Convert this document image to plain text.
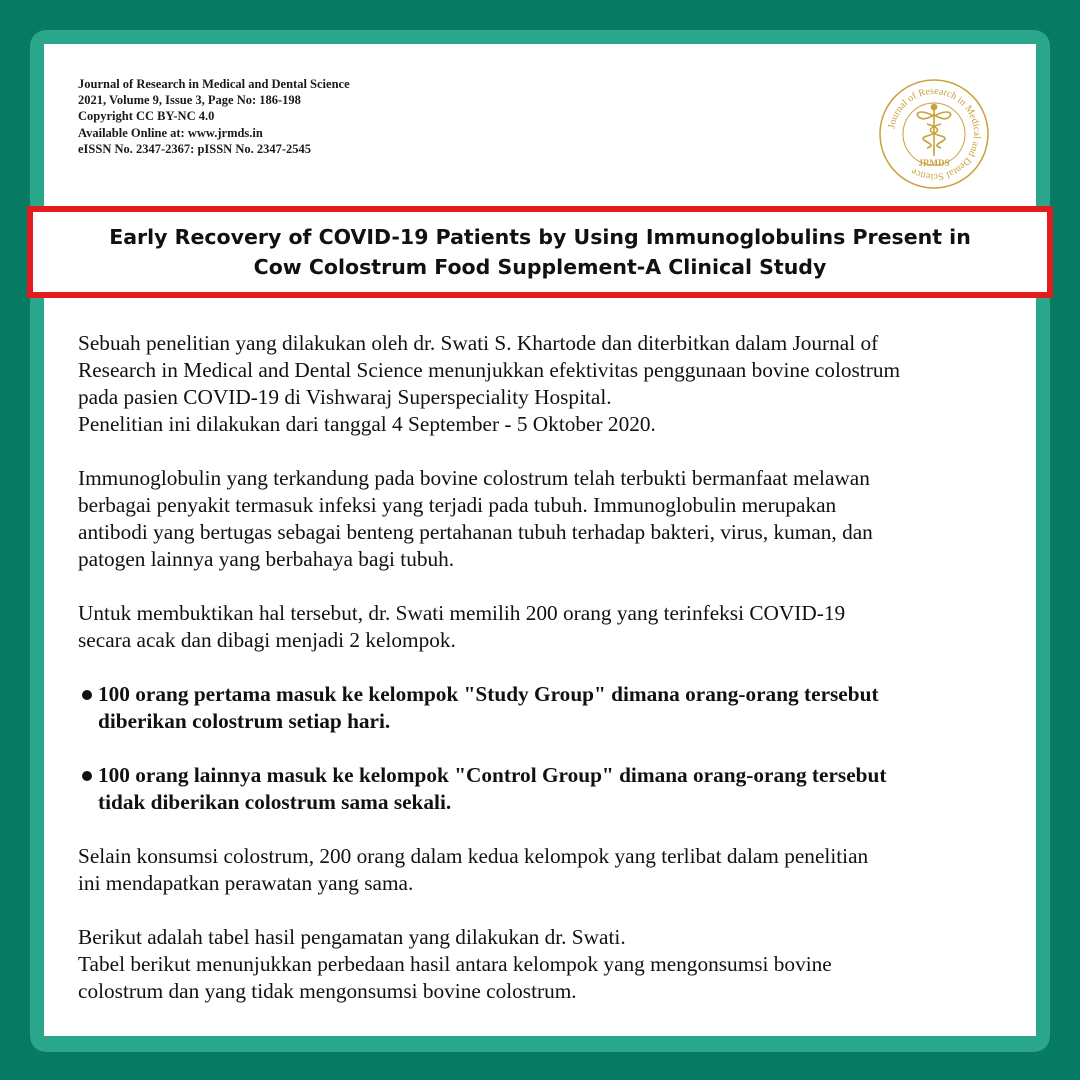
Journal of Research in Medical and Dental Science
2021, Volume 9, Issue 3, Page No: 186-198
Copyright CC BY-NC 4.0
Available Online at: www.jrmds.in
eISSN No. 2347-2367: pISSN No. 2347-2545
Journal of Research in Medical and Dental Science
JRMDS
Early Recovery of COVID-19 Patients by Using Immunoglobulins Present in
Cow Colostrum Food Supplement-A Clinical Study

Sebuah penelitian yang dilakukan oleh dr. Swati S. Khartode dan diterbitkan dalam Journal of
Research in Medical and Dental Science menunjukkan efektivitas penggunaan bovine colostrum
pada pasien COVID-19 di Vishwaraj Superspeciality Hospital.
Penelitian ini dilakukan dari tanggal 4 September - 5 Oktober 2020.

Immunoglobulin yang terkandung pada bovine colostrum telah terbukti bermanfaat melawan
berbagai penyakit termasuk infeksi yang terjadi pada tubuh. Immunoglobulin merupakan
antibodi yang bertugas sebagai benteng pertahanan tubuh terhadap bakteri, virus, kuman, dan
patogen lainnya yang berbahaya bagi tubuh.

Untuk membuktikan hal tersebut, dr. Swati memilih 200 orang yang terinfeksi COVID-19
secara acak dan dibagi menjadi 2 kelompok.

100 orang pertama masuk ke kelompok "Study Group" dimana orang-orang tersebut
diberikan colostrum setiap hari.
100 orang lainnya masuk ke kelompok "Control Group" dimana orang-orang tersebut
tidak diberikan colostrum sama sekali.

Selain konsumsi colostrum, 200 orang dalam kedua kelompok yang terlibat dalam penelitian
ini mendapatkan perawatan yang sama.

Berikut adalah tabel hasil pengamatan yang dilakukan dr. Swati.
Tabel berikut menunjukkan perbedaan hasil antara kelompok yang mengonsumsi bovine
colostrum dan yang tidak mengonsumsi bovine colostrum.
